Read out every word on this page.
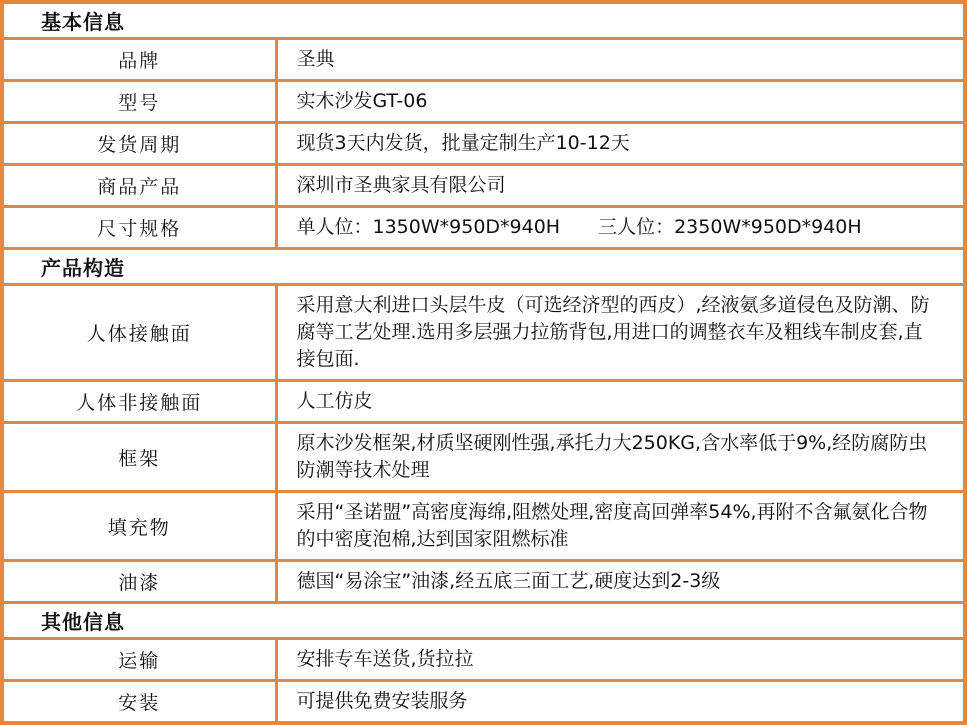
基本信息	
品牌	圣典
型号	实木沙发GT-06
发货周期	现货3天内发货，批量定制生产10-12天
商品产品	深圳市圣典家具有限公司
尺寸规格	单人位：1350W*950D*940H　　三人位：2350W*950D*940H
产品构造	
人体接触面	采用意大利进口头层牛皮（可选经济型的西皮）,经液氨多道侵色及防潮、防腐等工艺处理.选用多层强力拉筋背包,用进口的调整衣车及粗线车制皮套,直接包面.
人体非接触面	人工仿皮
框架	原木沙发框架,材质坚硬刚性强,承托力大250KG,含水率低于9%,经防腐防虫防潮等技术处理
填充物	采用“圣诺盟”高密度海绵,阻燃处理,密度高回弹率54%,再附不含氟氨化合物的中密度泡棉,达到国家阻燃标准
油漆	德国“易涂宝”油漆,经五底三面工艺,硬度达到2-3级
其他信息	
运输	安排专车送货,货拉拉
安装	可提供免费安装服务
